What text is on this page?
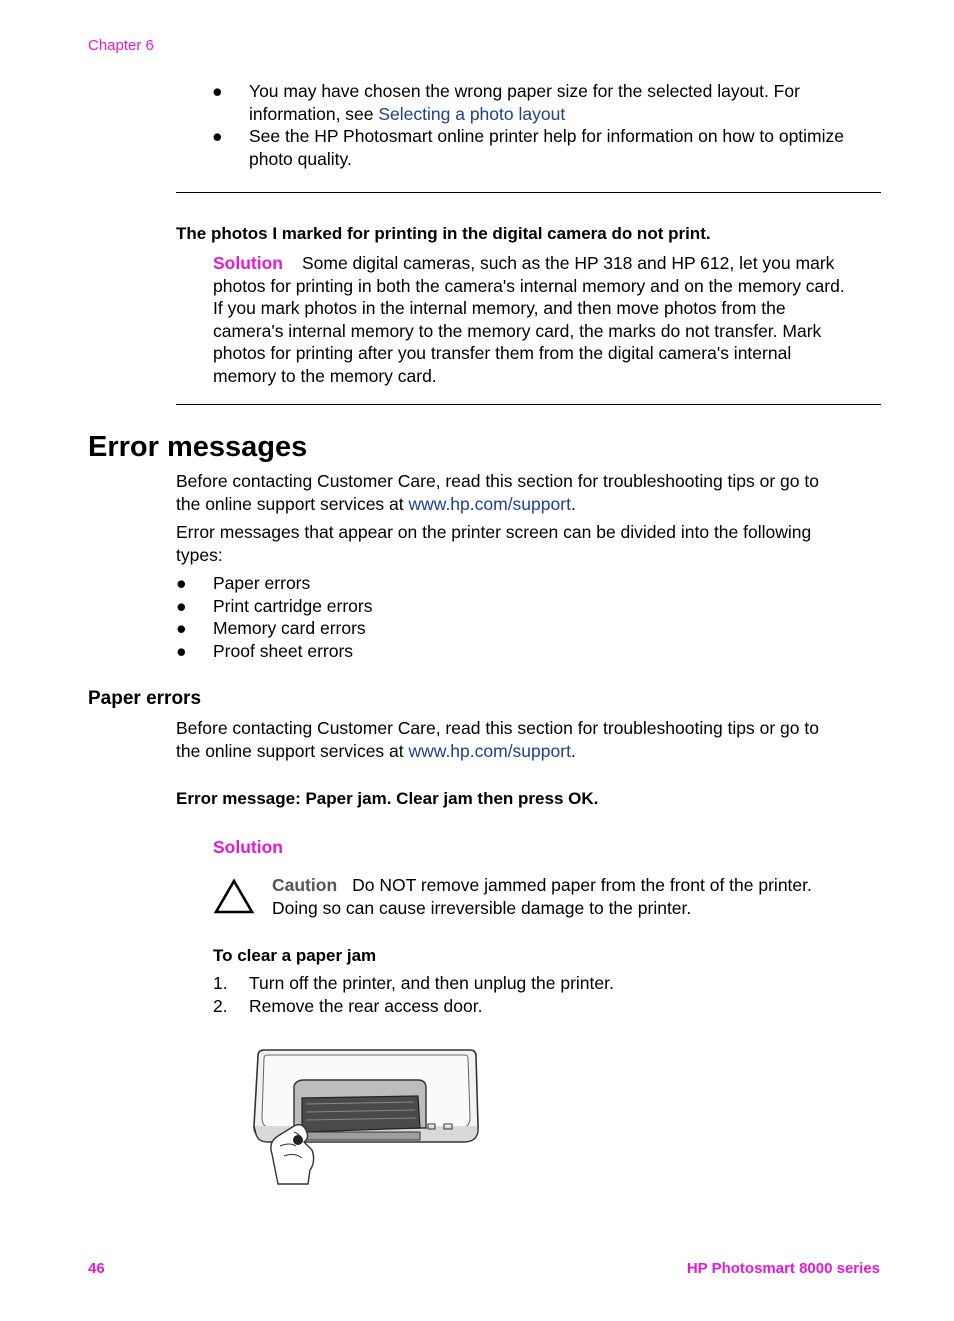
Chapter 6
● You may have chosen the wrong paper size for the selected layout. For information, see Selecting a photo layout
● See the HP Photosmart online printer help for information on how to optimize
photo quality.
The photos I marked for printing in the digital camera do not print.
Solution Some digital cameras, such as the HP 318 and HP 612, let you mark
photos for printing in both the camera's internal memory and on the memory card.
If you mark photos in the internal memory, and then move photos from the
camera's internal memory to the memory card, the marks do not transfer. Mark
photos for printing after you transfer them from the digital camera's internal
memory to the memory card.
Error messages
Before contacting Customer Care, read this section for troubleshooting tips or go to
the online support services at www.hp.com/support.
Error messages that appear on the printer screen can be divided into the following
types:
● Paper errors
● Print cartridge errors
● Memory card errors
● Proof sheet errors
Paper errors
Before contacting Customer Care, read this section for troubleshooting tips or go to
the online support services at www.hp.com/support.
Error message: Paper jam. Clear jam then press OK.
Solution
Caution Do NOT remove jammed paper from the front of the printer.
Doing so can cause irreversible damage to the printer.
To clear a paper jam
1. Turn off the printer, and then unplug the printer.
2. Remove the rear access door.
46	HP Photosmart 8000 series
